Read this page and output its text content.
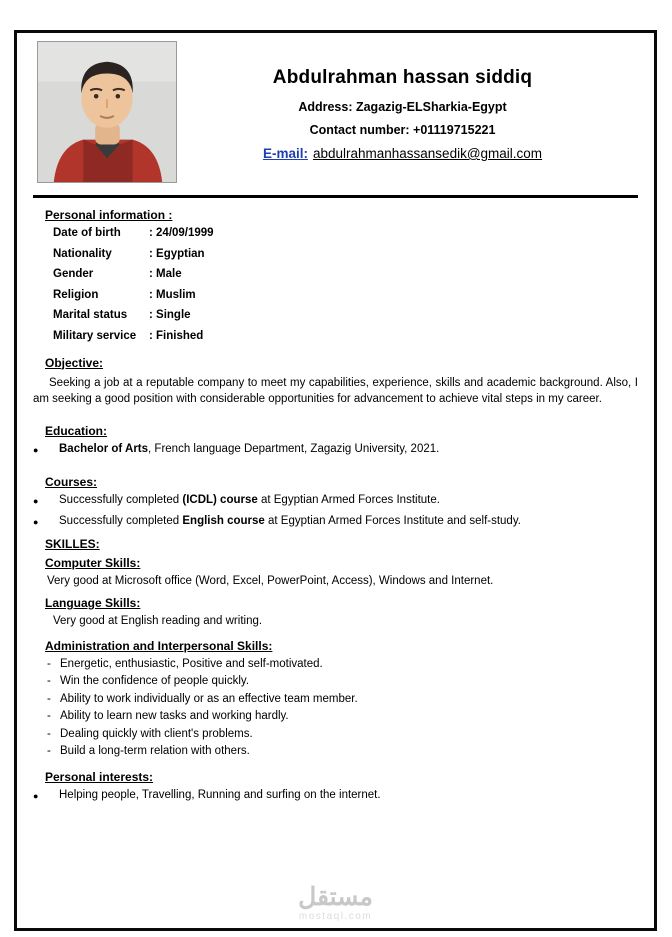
Abdulrahman hassan siddiq
Address: Zagazig-ELSharkia-Egypt
Contact number: +01119715221
E-mail: abdulrahmanhassansedik@gmail.com
Personal information :
Date of birth	: 24/09/1999
Nationality	: Egyptian
Gender	: Male
Religion	: Muslim
Marital status	: Single
Military service	: Finished
Objective:
Seeking a job at a reputable company to meet my capabilities, experience, skills and academic background. Also, I am seeking a good position with considerable opportunities for advancement to achieve vital steps in my career.
Education:
●	Bachelor of Arts, French language Department, Zagazig University, 2021.
Courses:
●	Successfully completed (ICDL) course at Egyptian Armed Forces Institute.
●	Successfully completed English course at Egyptian Armed Forces Institute and self-study.
SKILLES:
Computer Skills:
Very good at Microsoft office (Word, Excel, PowerPoint, Access), Windows and Internet.
Language Skills:
Very good at English reading and writing.
Administration and Interpersonal Skills:
- Energetic, enthusiastic, Positive and self-motivated.
- Win the confidence of people quickly.
- Ability to work individually or as an effective team member.
- Ability to learn new tasks and working hardly.
- Dealing quickly with client's problems.
- Build a long-term relation with others.
Personal interests:
●	Helping people, Travelling, Running and surfing on the internet.
مستقل
mostaql.com
